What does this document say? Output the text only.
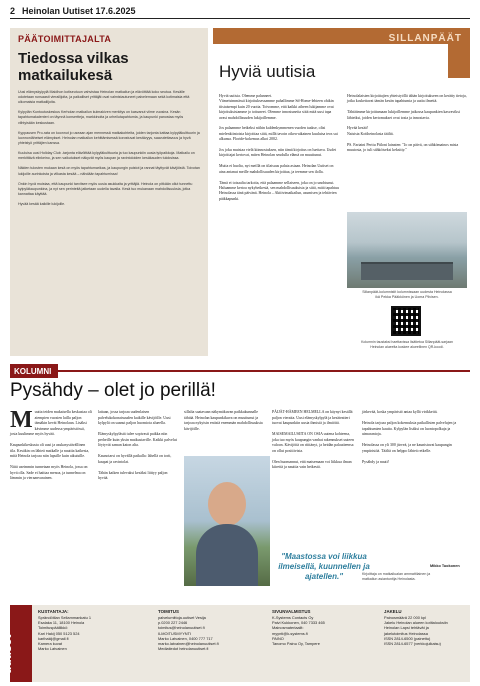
2 Heinolan Uutiset 17.6.2025
PÄÄTOIMITTAJALTA
Tiedossa vilkas matkailukesä
Uusi elämyskylpylä Maidhon kotiseutuun vahvistaa Heinolan matkailun ja elävöittää koko seutua. Kesälle odotetaan runsaasti vierailijoita, ja paikalliset yrittäjät ovat valmistautuneet palvelemaan sekä kotimaisia että ulkomaisia matkailijoita.

Kylpylän Kuntoutuskeskus Kerholan matkailun kulmakiven merkitys on kasvanut viime vuosina. Kesän tapahtumakalenteri on täynnä konsertteja, markkinoita ja urheilutapahtumia, ja kaupunki panostaa myös viihtyisään keskustaan.

Kyppausen Pro-rata on koonnut jo useaan ajan mennessä matkakohteita, joiden tarjonta kattaa kylpyläkulttuurin ja luonnonläheiset elämykset. Heinolan matkailun kehittämisessä korostuvat kestävyys, saavutettavuus ja hyvä yhteistyö yrittäjien kanssa.

Kuuluisa uusi Holiday Club -tarjonta elävöittää kylpyläkulttuuria ja tuo kaupunkiin uusia työpaikkoja. Matkailu on merkittävä elinkeino, ja sen vaikutukset näkyvät myös kaupan ja ravintoloiden kesäkauden tuloksissa.

Näiden tulosten mukaan kesä on myös tapahtumarikas, ja kaupungin puistot ja rannat täyttyvät kävijöistä. Toivotan lukijoille aurinkoista ja vilkasta kesää – nähdään tapahtumissa!

Onkin hyvä muistaa, että kaupunki tarvitsee myös uusia asukkaita ja yrittäjiä. Heinola on pitkään ollut tunnettu kylpyläkaupunkina, ja nyt sen perinteitä jatketaan uudella tavalla. Kesä tuo mukanaan mahdollisuuksia, jotka kannattaa käyttää.

Hyvää kesää kaikille lukijoille.
SILLANPÄÄT
Hyviä uutisia
Hyviä uutisia. Olemme palanneet.
Viimeisimmässä kirjoituksessamme puhallimme Sd-Home-lehteen ohikin tiistaisempi kuin 20 vuotta. Toivomme, että kaikki aiheen lukijamme ovat kirjoituksistamme jo tottuneet. Olemme innostuneita siitä mitä uusi tapa avasi mahdollisuuden lukijoillemme.

Jos palaamme hetkeksi niihin kaldenkymmenen vuoden taakse, olisi mielenkiintoista kirjoittaa siitä, millä tavoin oikea-aikainen kuuluisa teos sai alkunsa. Floride-kokemus alkoi 2002.

Jos joku muistaa vielä kiinnostuksen, niin tämä kirjoitus on luettava. Uudet kirjoittajat kertovat, miten Heinolan seudulla elämä on muuttunut.

Mutta ei huolta, nyt meillä on tilaisuus palata asiaan. Heinolan Uutiset on aina antanut meille mahdollisuuden kirjoittaa, ja teemme sen ilolla.

Tämä ei toisaalta tarkoita, että palaamme sellaiseen, joka on jo unohtunut. Haluamme kertoa nykyhetkestä, sen mahdollisuuksista ja siitä, mitä tapahtuu Heinolassa tänä päivänä. Heinola – Aktiivimatkailun, asumisen ja tehtävien päikkapunki.
Heinolalaisten kirjoittajien yhteistyöllä tähän kirjoitukseen on kerätty tietoja, jotka koskettavat tämän kesän tapahtumia ja uutta ilmettä.

Tähtäämme kirjoittamaan lukijoillemme jatkossa kaupunkien kasvaviksi lähteiksi, joiden kertomukset ovat tosia ja innostavia.

Hyvää kesää!
Naisista Kotiheinolasta täältä.

PS. Fariaini Perttu Piiloni lainaten: "Jo on päivä, on sähkömainos mista muutosta, jo tuli sähköiseksi keksitty."
Sillanpäät-kolumnistit kolumnissaan uudesta Heinolassa
ikä Pekka Pääkkönen ja Uoma Pilvisen.
Kolumnin taustaksi haettavissa lisätietoa Sillanpäät-sarjaan
Heinolan alueelta koskee alueellinen QR-koodi.
KOLUMNI
Pysähdy – olet jo perillä!
Muutta teiden mukaisella keskustaa oli aiempien vuosien lailla paljon tämäkin kevät Heinolaan. Lisäksi kävimme uudessa ympäristössä, josta kuulimme myös hyvää.

Kaupunkikeskusta oli uusi ja asukasystävällinen tila. Kesäkin on lähteä matkalle ja nauttia kaikesta, mitä Heinola tarjoaa niin lapsille kuin aikuisille.

Niitä useimmin tunnetaan myös Heinola, jossa on hyvä olla. Sade ei haittaa menoa, ja tunnelma on lämmin ja vieraanvarainen.
lattaan, jossa tarjoaa uudenlaisen palvelukokonaisuuden kaikille kävijöille. Uusi kylpylä on saanut paljon huomiota alueella.

Elämyskylpylästä tulee sopivasti paikka niin perheille kuin yksin matkustaville. Kaikki palvelut löytyvät saman katon alta.

Kaunotarsi on hyvällä paikalla: lähellä on torit, kaupat ja ravintolat.

Tähän kaiken tulevaksi kesäksi liittyy paljon hyvää.
sillalta saatavaan näkymäkuvan paikkakunnalle tähtää. Heinolan kaupunkikuva on muuttunut ja tarjoaa nykyisin entistä enemmän mahdollisuuksia kävijöille.
PÄIJÄT-HÄMEEN HELMELLA on käynyt kesällä paljon vieraita. Uusi elämyskylpylä ja kesäteatteri tuovat kaupunkiin uusia ihmisiä ja ilmiöitä.

MAISEMAILUSIITA ON OSIA uutena kohteena, joka tuo myös kaupungin vanhat rakennukset uuteen valoon. Kävijöitä on riittänyt, ja heidän palautteensa on ollut positiivista.

Olen huomannut, että maisemaan voi liikkua ilman kiirettä ja nauttia vain hetkestä.
järkevää, koska ympäristö antaa kyllä virikkeitä.

Heinola tarjoaa paljon kokemuksia paikallisten palvelujen ja tapahtumien kautta. Kylpylän lisäksi on luontopolkuja ja uimarantoja.

Heinolassa on yli 300 järveä, ja ne kaunistavat kaupungin ympäristöä. Täältä on helppo lähteä retkelle.

Pysähdy ja nauti!
"Maastossa voi liikkua ilmeisellä, kuunnellen ja ajatellen."
Mikko Tuokonen
Kirjoittaja on matkailualan ammattilainen ja
matkailun asiantuntija Heinolasta.
uutiset
KUSTANTAJA:
Sprändötilan Sellammankatu 1
Esalaka 11, 18100 Heinola
Toimituspäällikkö
Kari Hakij 050 5123 524
karihakij@gmail.fi
Kamera kuvat
Marko Latvainen
TOIMITUS
palvelumittoja.uutiset Vesija
p.0200 227 2446
toimitus@heinolanuutiset.fi
ILMOITUSMYYNTI
Marko Latvainen, 0400 777 717
marko.latvainen@heinolanuutiset.fi
Mediatiedot heinolanuutiset.fi
SIVUNVALMISTUS
K-Systems Contacts Oy
Paivi Kukkonen, 040 7333 465
Mainosmateriaalit:
myynti@k-systems.fi
PAINO
Tanomo Painu Oy, Tampere
JAKELU
Painosmäärä 22 000 kpl
Jakelu Heinolan alueen kotitalouksiin
Heinolan Lapsi tehtävät ja
jakelutoimitus Heinolassa
ISSN 2814-6500 (painettu)
ISSN 2814-6577 (verkkojulkaisu)
